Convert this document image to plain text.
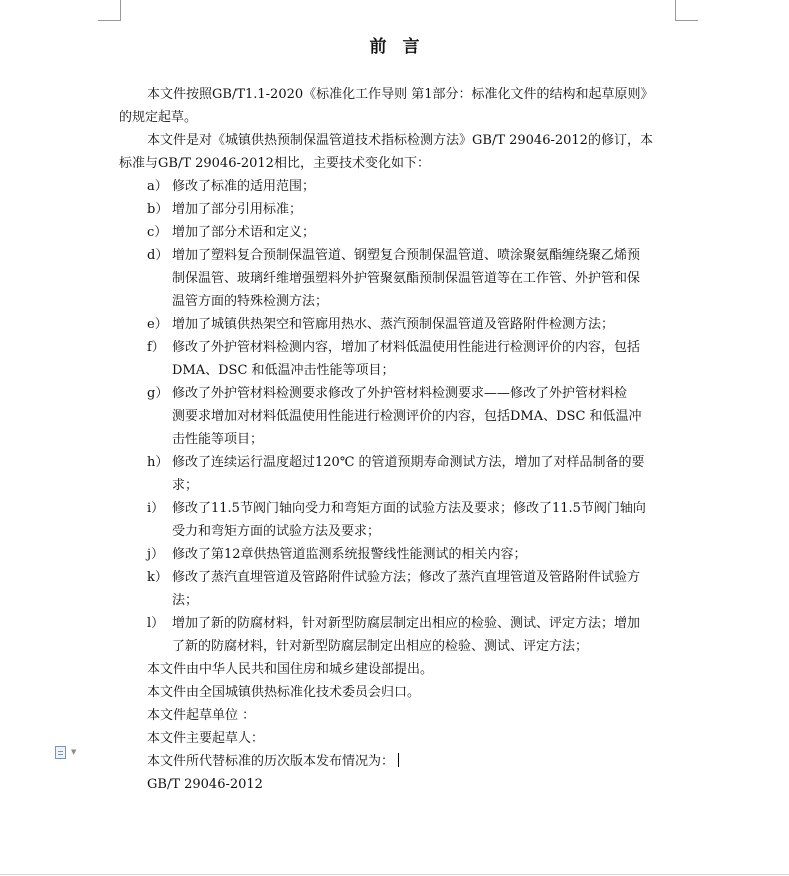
前言
本文件按照GB/T1.1-2020《标准化工作导则 第1部分：标准化文件的结构和起草原则》
的规定起草。
本文件是对《城镇供热预制保温管道技术指标检测方法》GB/T 29046-2012的修订，本
标准与GB/T 29046-2012相比，主要技术变化如下：
a） 修改了标准的适用范围；
b） 增加了部分引用标准；
c） 增加了部分术语和定义；
d） 增加了塑料复合预制保温管道、钢塑复合预制保温管道、喷涂聚氨酯缠绕聚乙烯预
制保温管、玻璃纤维增强塑料外护管聚氨酯预制保温管道等在工作管、外护管和保
温管方面的特殊检测方法；
e） 增加了城镇供热架空和管廊用热水、蒸汽预制保温管道及管路附件检测方法；
f） 修改了外护管材料检测内容，增加了材料低温使用性能进行检测评价的内容，包括
DMA、DSC 和低温冲击性能等项目；
g） 修改了外护管材料检测要求修改了外护管材料检测要求——修改了外护管材料检
测要求增加对材料低温使用性能进行检测评价的内容，包括DMA、DSC 和低温冲
击性能等项目；
h） 修改了连续运行温度超过120℃ 的管道预期寿命测试方法，增加了对样品制备的要
求；
i） 修改了11.5节阀门轴向受力和弯矩方面的试验方法及要求；修改了11.5节阀门轴向
受力和弯矩方面的试验方法及要求；
j） 修改了第12章供热管道监测系统报警线性能测试的相关内容；
k） 修改了蒸汽直埋管道及管路附件试验方法；修改了蒸汽直埋管道及管路附件试验方
法；
l） 增加了新的防腐材料，针对新型防腐层制定出相应的检验、测试、评定方法；增加
了新的防腐材料，针对新型防腐层制定出相应的检验、测试、评定方法；
本文件由中华人民共和国住房和城乡建设部提出。
本文件由全国城镇供热标准化技术委员会归口。
本文件起草单位 ：
本文件主要起草人：
本文件所代替标准的历次版本发布情况为：
GB/T 29046-2012
▼
